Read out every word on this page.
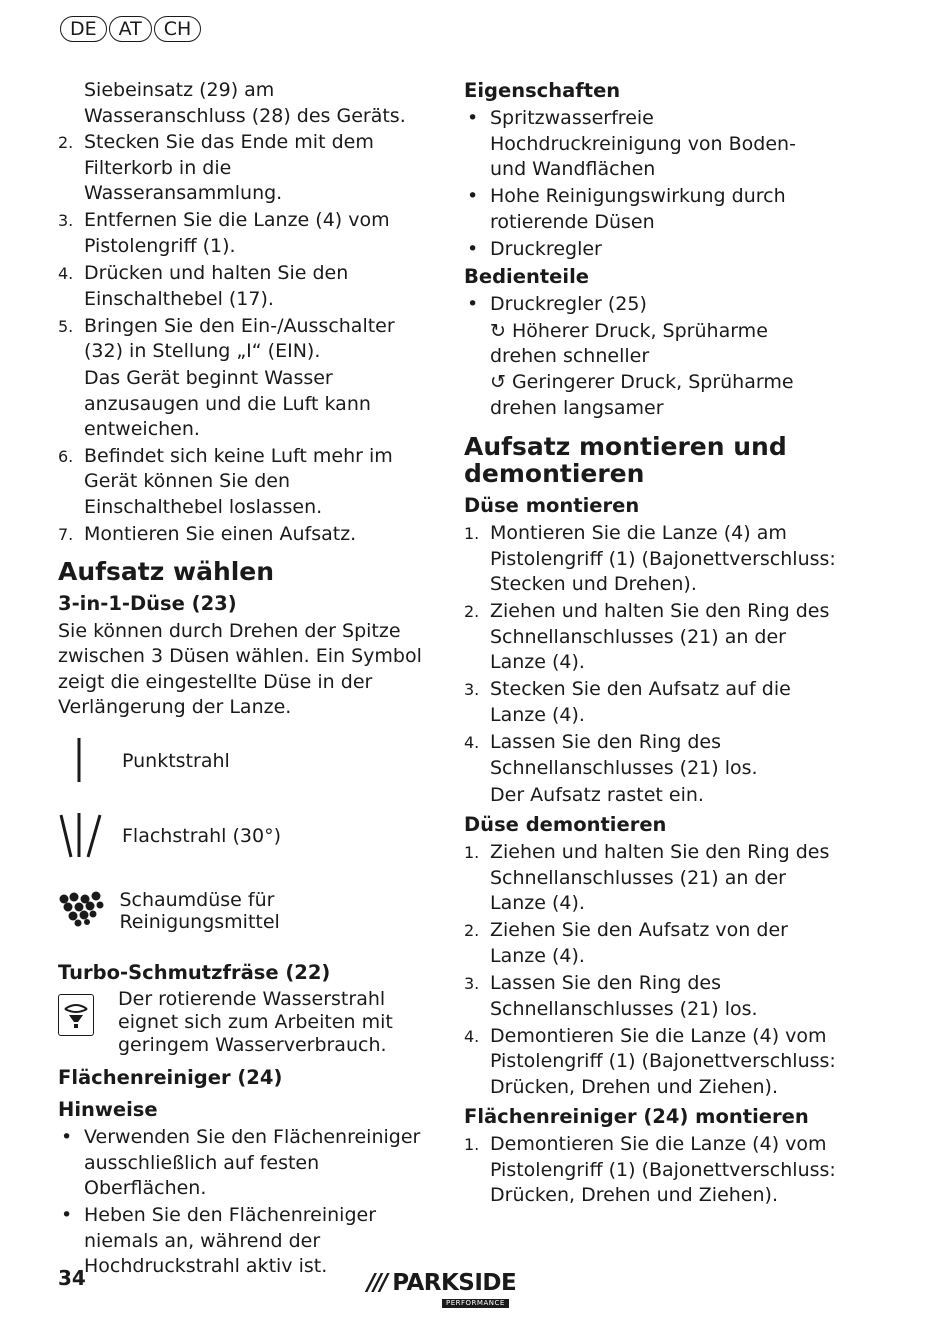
DE	AT	CH

Siebeinsatz (29) am Wasseranschluss (28) des Geräts.

2. Stecken Sie das Ende mit dem Filterkorb in die Wasseransammlung.
3. Entfernen Sie die Lanze (4) vom Pistolengriff (1).
4. Drücken und halten Sie den Einschalthebel (17).
5. Bringen Sie den Ein-/Ausschalter (32) in Stellung „I“ (EIN).

Das Gerät beginnt Wasser anzusaugen und die Luft kann entweichen.

6. Befindet sich keine Luft mehr im Gerät können Sie den Einschalthebel loslassen.
7. Montieren Sie einen Aufsatz.
Aufsatz wählen
3-in-1-Düse (23)

Sie können durch Drehen der Spitze zwischen 3 Düsen wählen. Ein Symbol zeigt die eingestellte Düse in der Verlängerung der Lanze.

Punktstrahl
Flachstrahl (30°)
Schaumdüse für Reinigungsmittel
Turbo-Schmutzfräse (22)

Der rotierende Wasserstrahl eignet sich zum Arbeiten mit geringem Wasserverbrauch.

Flächenreiniger (24)
Hinweise
• Verwenden Sie den Flächenreiniger ausschließlich auf festen Oberflächen.
• Heben Sie den Flächenreiniger niemals an, während der Hochdruckstrahl aktiv ist.
Eigenschaften
• Spritzwasserfreie Hochdruckreinigung von Boden- und Wandflächen
• Hohe Reinigungswirkung durch rotierende Düsen
• Druckregler
Bedienteile
• Druckregler (25)

↻ Höherer Druck, Sprüharme drehen schneller

↺ Geringerer Druck, Sprüharme drehen langsamer

Aufsatz montieren und demontieren
Düse montieren
1. Montieren Sie die Lanze (4) am Pistolengriff (1) (Bajonettverschluss: Stecken und Drehen).
2. Ziehen und halten Sie den Ring des Schnellanschlusses (21) an der Lanze (4).
3. Stecken Sie den Aufsatz auf die Lanze (4).
4. Lassen Sie den Ring des Schnellanschlusses (21) los.

Der Aufsatz rastet ein.

Düse demontieren
1. Ziehen und halten Sie den Ring des Schnellanschlusses (21) an der Lanze (4).
2. Ziehen Sie den Aufsatz von der Lanze (4).
3. Lassen Sie den Ring des Schnellanschlusses (21) los.
4. Demontieren Sie die Lanze (4) vom Pistolengriff (1) (Bajonettverschluss: Drücken, Drehen und Ziehen).
Flächenreiniger (24) montieren
1. Demontieren Sie die Lanze (4) vom Pistolengriff (1) (Bajonettverschluss: Drücken, Drehen und Ziehen).
34	/// PARKSIDE
PERFORMANCE
